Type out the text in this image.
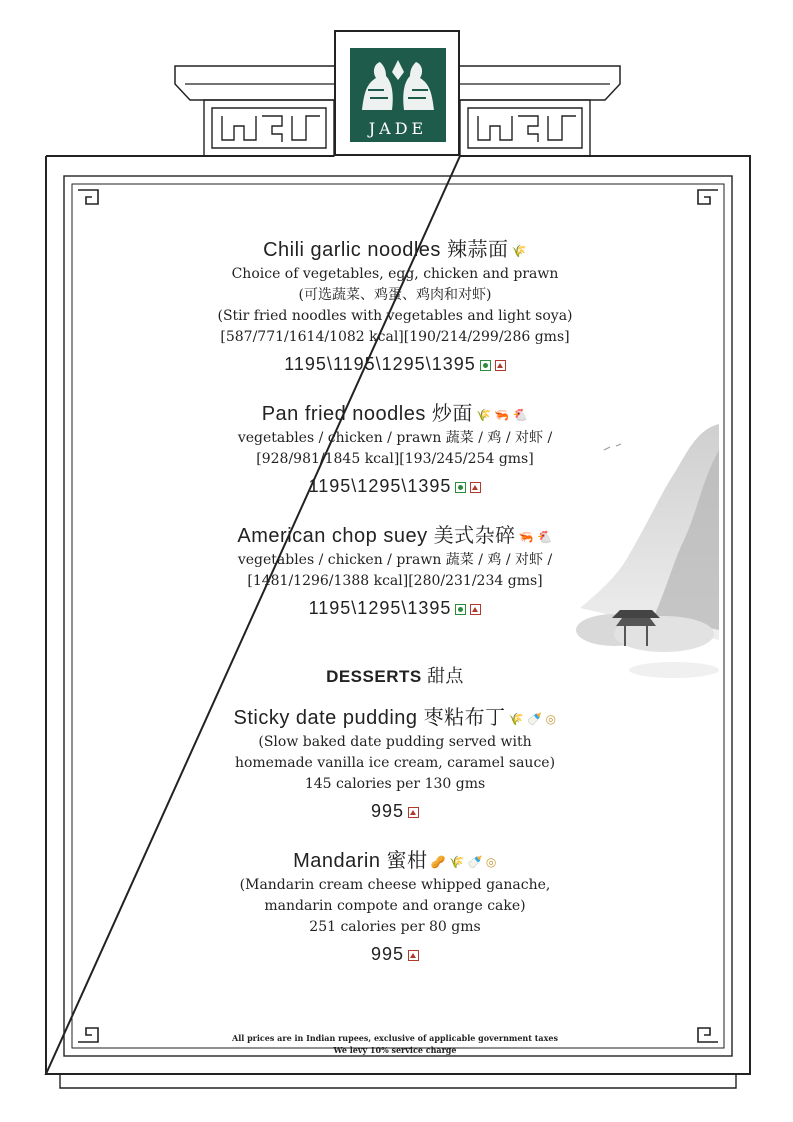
JADE
Chili garlic noodles 辣蒜面 🌾
Choice of vegetables, egg, chicken and prawn
(可选蔬菜、鸡蛋、鸡肉和对虾)
(Stir fried noodles with vegetables and light soya)
[587/771/1614/1082 kcal][190/214/299/286 gms]
1195\1195\1295\1395
Pan fried noodles 炒面 🌾 🦐 🐔
vegetables / chicken / prawn 蔬菜 / 鸡 / 对虾 /
[928/981/1845 kcal][193/245/254 gms]
1195\1295\1395
American chop suey 美式杂碎 🦐 🐔
vegetables / chicken / prawn 蔬菜 / 鸡 / 对虾 /
[1481/1296/1388 kcal][280/231/234 gms]
1195\1295\1395
DESSERTS 甜点
Sticky date pudding 枣粘布丁 🌾 🍼 ◎
(Slow baked date pudding served with
homemade vanilla ice cream, caramel sauce)
145 calories per 130 gms
995
Mandarin 蜜柑 🥜 🌾 🍼 ◎
(Mandarin cream cheese whipped ganache,
mandarin compote and orange cake)
251 calories per 80 gms
995
All prices are in Indian rupees, exclusive of applicable government taxes
We levy 10% service charge
